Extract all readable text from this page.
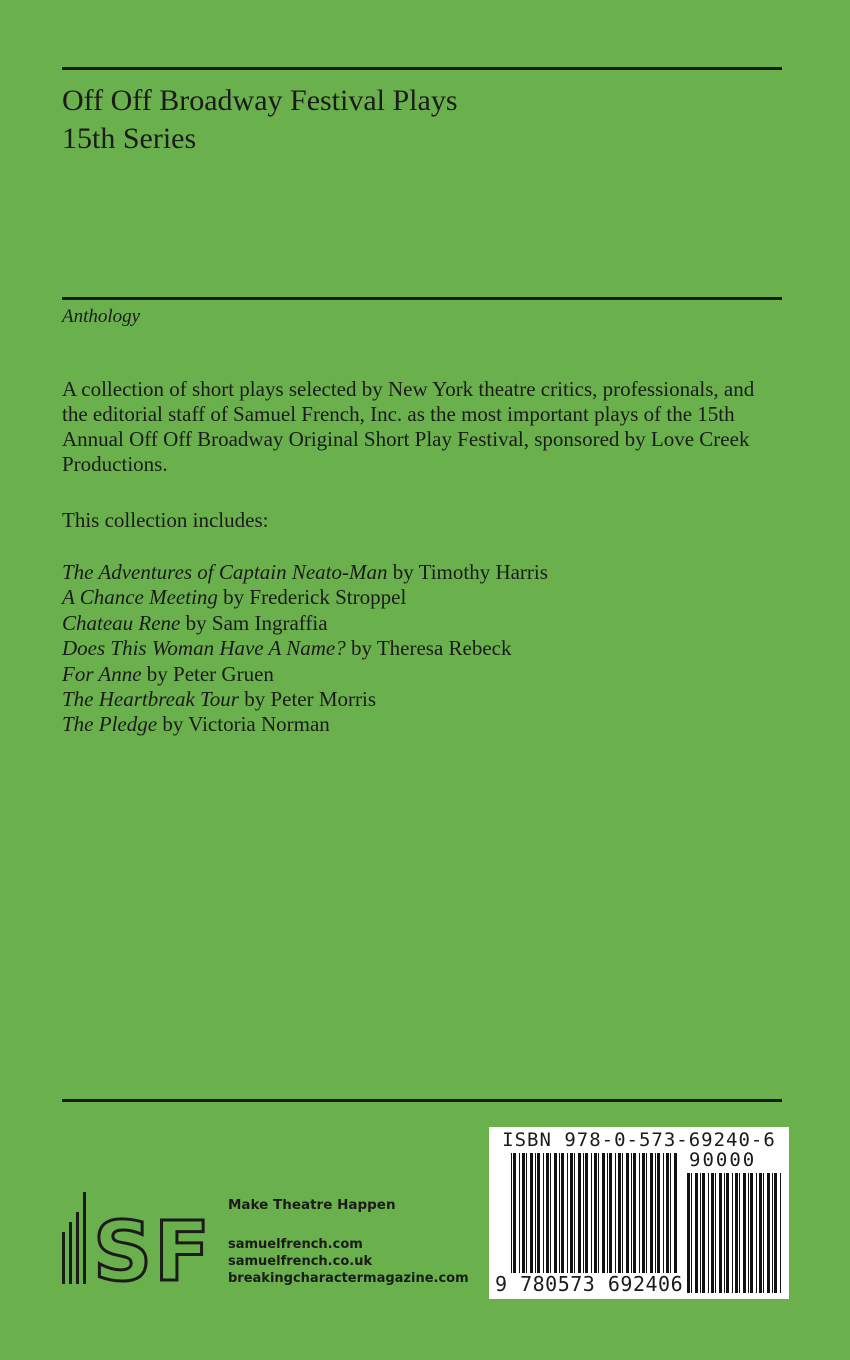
Off Off Broadway Festival Plays
15th Series
Anthology
A collection of short plays selected by New York theatre critics, professionals, and the editorial staff of Samuel French, Inc. as the most important plays of the 15th Annual Off Off Broadway Original Short Play Festival, sponsored by Love Creek Productions.
This collection includes:
The Adventures of Captain Neato-Man by Timothy Harris
A Chance Meeting by Frederick Stroppel
Chateau Rene by Sam Ingraffia
Does This Woman Have A Name? by Theresa Rebeck
For Anne by Peter Gruen
The Heartbreak Tour by Peter Morris
The Pledge by Victoria Norman
SF Make Theatre Happen
samuelfrench.com
samuelfrench.co.uk
breakingcharactermagazine.com
ISBN 978-0-573-69240-6
90000
9 780573 692406
